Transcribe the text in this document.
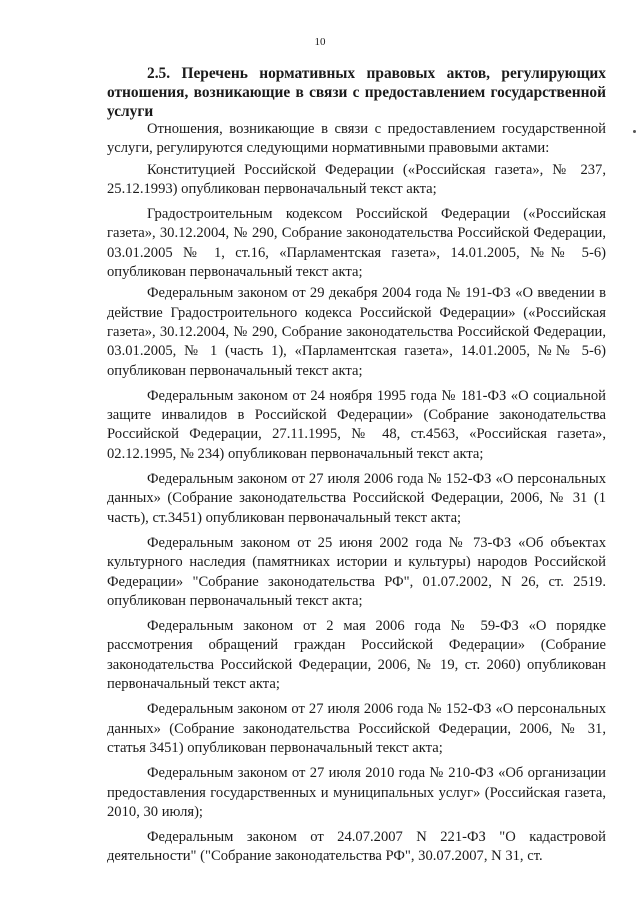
10
2.5. Перечень нормативных правовых актов, регулирующих отношения, возникающие в связи с предоставлением государственной услуги

Отношения, возникающие в связи с предоставлением государственной услуги, регулируются следующими нормативными правовыми актами:

Конституцией Российской Федерации («Российская газета», № 237, 25.12.1993) опубликован первоначальный текст акта;

Градостроительным кодексом Российской Федерации («Российская газета», 30.12.2004, № 290, Собрание законодательства Российской Федерации, 03.01.2005 № 1, ст.16, «Парламентская газета», 14.01.2005, №№ 5-6) опубликован первоначальный текст акта;

Федеральным законом от 29 декабря 2004 года № 191-ФЗ «О введении в действие Градостроительного кодекса Российской Федерации» («Российская газета», 30.12.2004, № 290, Собрание законодательства Российской Федерации, 03.01.2005, № 1 (часть 1), «Парламентская газета», 14.01.2005, №№ 5-6) опубликован первоначальный текст акта;

Федеральным законом от 24 ноября 1995 года № 181-ФЗ «О социальной защите инвалидов в Российской Федерации» (Собрание законодательства Российской Федерации, 27.11.1995, № 48, ст.4563, «Российская газета», 02.12.1995, № 234) опубликован первоначальный текст акта;

Федеральным законом от 27 июля 2006 года № 152-ФЗ «О персональных данных» (Собрание законодательства Российской Федерации, 2006, № 31 (1 часть), ст.3451) опубликован первоначальный текст акта;

Федеральным законом от 25 июня 2002 года № 73-ФЗ «Об объектах культурного наследия (памятниках истории и культуры) народов Российской Федерации» "Собрание законодательства РФ", 01.07.2002, N 26, ст. 2519. опубликован первоначальный текст акта;

Федеральным законом от 2 мая 2006 года № 59-ФЗ «О порядке рассмотрения обращений граждан Российской Федерации» (Собрание законодательства Российской Федерации, 2006, № 19, ст. 2060) опубликован первоначальный текст акта;

Федеральным законом от 27 июля 2006 года № 152-ФЗ «О персональных данных» (Собрание законодательства Российской Федерации, 2006, № 31, статья 3451) опубликован первоначальный текст акта;

Федеральным законом от 27 июля 2010 года № 210-ФЗ «Об организации предоставления государственных и муниципальных услуг» (Российская газета, 2010, 30 июля);

Федеральным законом от 24.07.2007 N 221-ФЗ "О кадастровой деятельности" ("Собрание законодательства РФ", 30.07.2007, N 31, ст.
